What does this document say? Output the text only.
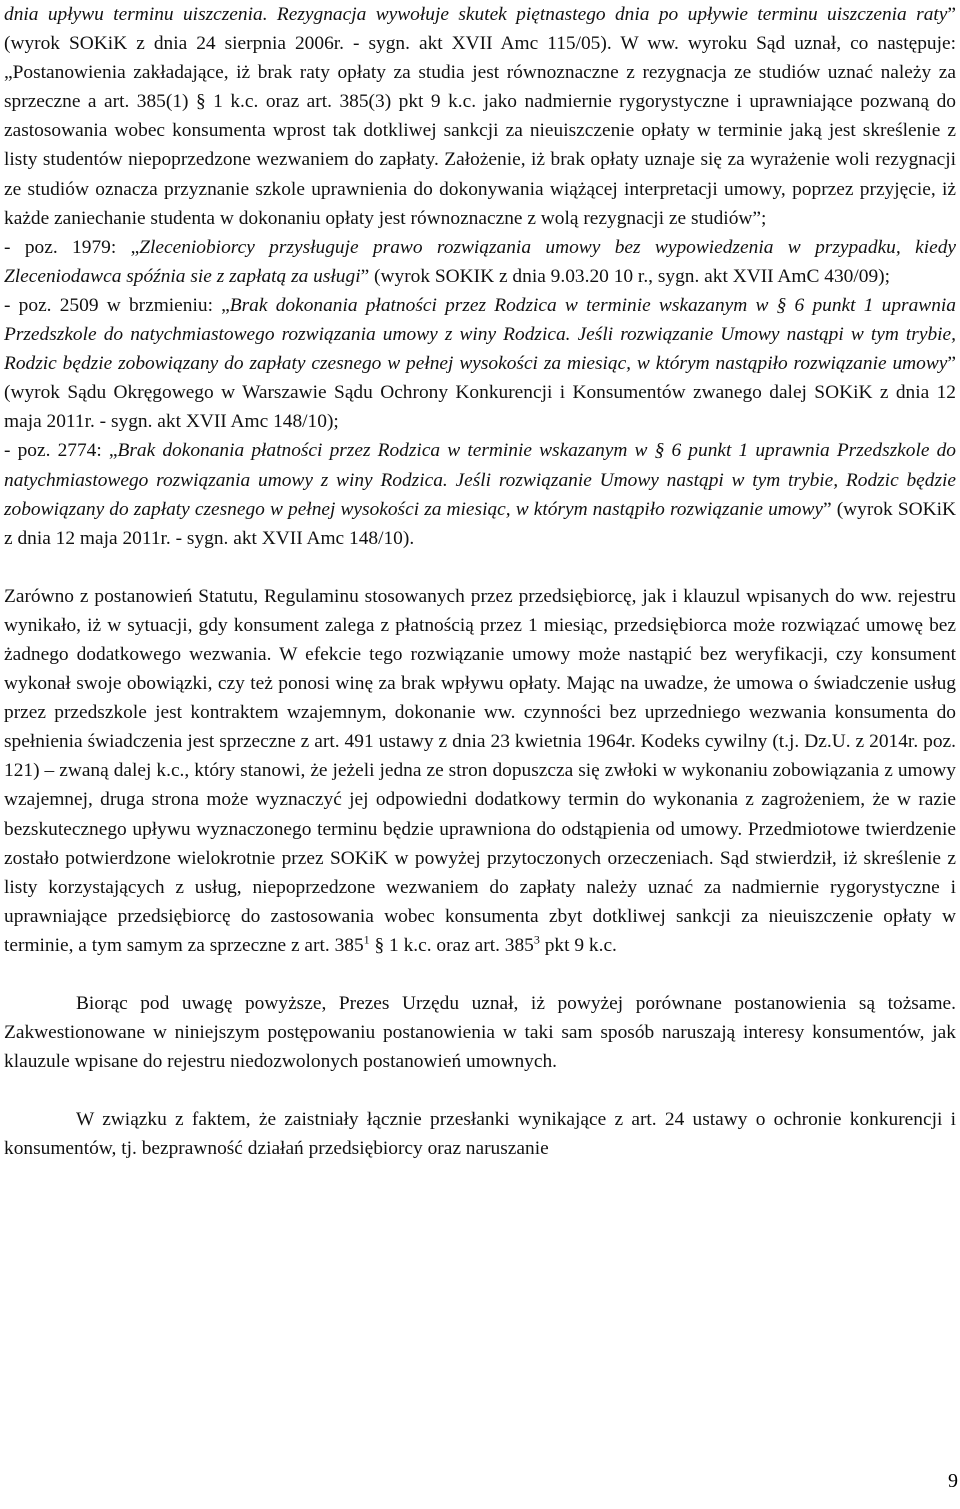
dnia upływu terminu uiszczenia. Rezygnacja wywołuje skutek piętnastego dnia po upływie terminu uiszczenia raty” (wyrok SOKiK z dnia 24 sierpnia 2006r. - sygn. akt XVII Amc 115/05). W ww. wyroku Sąd uznał, co następuje: „Postanowienia zakładające, iż brak raty opłaty za studia jest równoznaczne z rezygnacja ze studiów uznać należy za sprzeczne a art. 385(1) § 1 k.c. oraz art. 385(3) pkt 9 k.c. jako nadmiernie rygorystyczne i uprawniające pozwaną do zastosowania wobec konsumenta wprost tak dotkliwej sankcji za nieuiszczenie opłaty w terminie jaką jest skreślenie z listy studentów niepoprzedzone wezwaniem do zapłaty. Założenie, iż brak opłaty uznaje się za wyrażenie woli rezygnacji ze studiów oznacza przyznanie szkole uprawnienia do dokonywania wiążącej interpretacji umowy, poprzez przyjęcie, iż każde zaniechanie studenta w dokonaniu opłaty jest równoznaczne z wolą rezygnacji ze studiów”;

- poz. 1979: „Zleceniobiorcy przysługuje prawo rozwiązania umowy bez wypowiedzenia w przypadku, kiedy Zleceniodawca spóźnia sie z zapłatą za usługi” (wyrok SOKIK z dnia 9.03.20 10 r., sygn. akt XVII AmC 430/09);

- poz. 2509 w brzmieniu: „Brak dokonania płatności przez Rodzica w terminie wskazanym w § 6 punkt 1 uprawnia Przedszkole do natychmiastowego rozwiązania umowy z winy Rodzica. Jeśli rozwiązanie Umowy nastąpi w tym trybie, Rodzic będzie zobowiązany do zapłaty czesnego w pełnej wysokości za miesiąc, w którym nastąpiło rozwiązanie umowy” (wyrok Sądu Okręgowego w Warszawie Sądu Ochrony Konkurencji i Konsumentów zwanego dalej SOKiK z dnia 12 maja 2011r. - sygn. akt XVII Amc 148/10);

- poz. 2774: „Brak dokonania płatności przez Rodzica w terminie wskazanym w § 6 punkt 1 uprawnia Przedszkole do natychmiastowego rozwiązania umowy z winy Rodzica. Jeśli rozwiązanie Umowy nastąpi w tym trybie, Rodzic będzie zobowiązany do zapłaty czesnego w pełnej wysokości za miesiąc, w którym nastąpiło rozwiązanie umowy” (wyrok SOKiK z dnia 12 maja 2011r. - sygn. akt XVII Amc 148/10).

Zarówno z postanowień Statutu, Regulaminu stosowanych przez przedsiębiorcę, jak i klauzul wpisanych do ww. rejestru wynikało, iż w sytuacji, gdy konsument zalega z płatnością przez 1 miesiąc, przedsiębiorca może rozwiązać umowę bez żadnego dodatkowego wezwania. W efekcie tego rozwiązanie umowy może nastąpić bez weryfikacji, czy konsument wykonał swoje obowiązki, czy też ponosi winę za brak wpływu opłaty. Mając na uwadze, że umowa o świadczenie usług przez przedszkole jest kontraktem wzajemnym, dokonanie ww. czynności bez uprzedniego wezwania konsumenta do spełnienia świadczenia jest sprzeczne z art. 491 ustawy z dnia 23 kwietnia 1964r. Kodeks cywilny (t.j. Dz.U. z 2014r. poz. 121) – zwaną dalej k.c., który stanowi, że jeżeli jedna ze stron dopuszcza się zwłoki w wykonaniu zobowiązania z umowy wzajemnej, druga strona może wyznaczyć jej odpowiedni dodatkowy termin do wykonania z zagrożeniem, że w razie bezskutecznego upływu wyznaczonego terminu będzie uprawniona do odstąpienia od umowy. Przedmiotowe twierdzenie zostało potwierdzone wielokrotnie przez SOKiK w powyżej przytoczonych orzeczeniach. Sąd stwierdził, iż skreślenie z listy korzystających z usług, niepoprzedzone wezwaniem do zapłaty należy uznać za nadmiernie rygorystyczne i uprawniające przedsiębiorcę do zastosowania wobec konsumenta zbyt dotkliwej sankcji za nieuiszczenie opłaty w terminie, a tym samym za sprzeczne z art. $385^1$ § 1 k.c. oraz art. $385^3$ pkt 9 k.c.

Biorąc pod uwagę powyższe, Prezes Urzędu uznał, iż powyżej porównane postanowienia są tożsame. Zakwestionowane w niniejszym postępowaniu postanowienia w taki sam sposób naruszają interesy konsumentów, jak klauzule wpisane do rejestru niedozwolonych postanowień umownych.

W związku z faktem, że zaistniały łącznie przesłanki wynikające z art. 24 ustawy o ochronie konkurencji i konsumentów, tj. bezprawność działań przedsiębiorcy oraz naruszanie

9
